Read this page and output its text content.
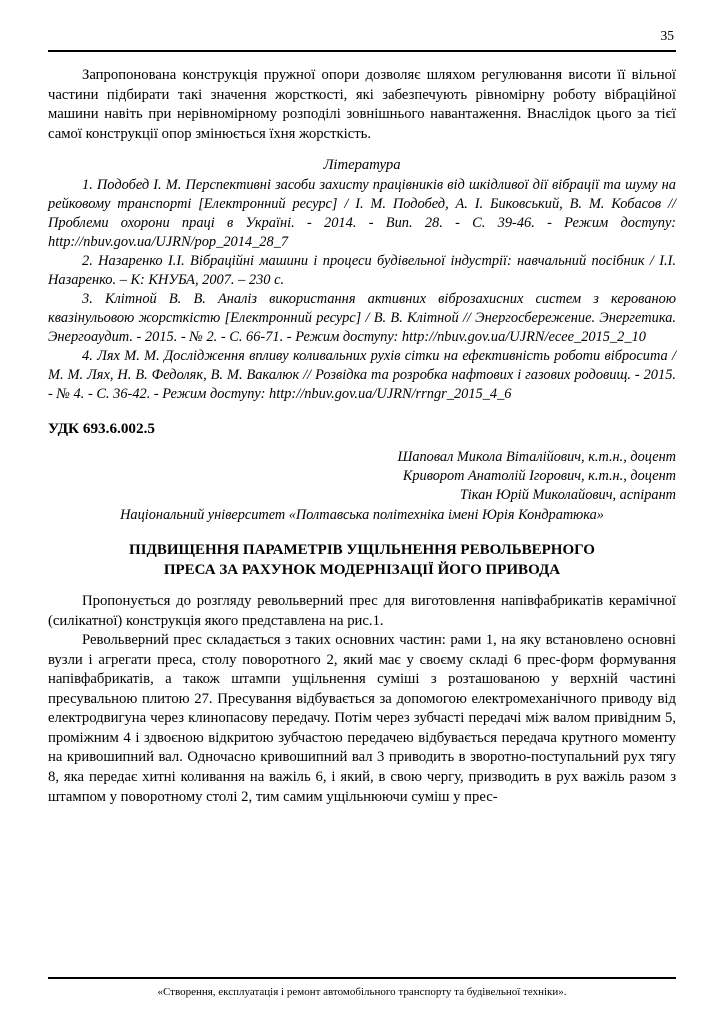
35

Запропонована конструкція пружної опори дозволяє шляхом регулювання висоти її вільної частини підбирати такі значення жорсткості, які забезпечують рівномірну роботу вібраційної машини навіть при нерівномірному розподілі зовнішнього навантаження. Внаслідок цього за тієї самої конструкції опор змінюється їхня жорсткість.

Література

1. Подобед І. М. Перспективні засоби захисту працівників від шкідливої дії вібрації та шуму на рейковому транспорті [Електронний ресурс] / І. М. Подобед, А. І. Биковський, В. М. Кобасов // Проблеми охорони праці в Україні. - 2014. - Вип. 28. - С. 39-46. - Режим доступу: http://nbuv.gov.ua/UJRN/pop_2014_28_7

2. Назаренко І.І. Вібраційні машини і процеси будівельної індустрії: навчальний посібник / І.І. Назаренко. – К: КНУБА, 2007. – 230 с.

3. Клітной В. В. Аналіз використання активних віброзахисних систем з керованою квазінульовою жорсткістю [Електронний ресурс] / В. В. Клітной // Энергосбережение. Энергетика. Энергоаудит. - 2015. - № 2. - С. 66-71. - Режим доступу: http://nbuv.gov.ua/UJRN/ecee_2015_2_10

4. Лях М. М. Дослідження впливу коливальних рухів сітки на ефективність роботи вібросита / М. М. Лях, Н. В. Федоляк, В. М. Вакалюк // Розвідка та розробка нафтових і газових родовищ. - 2015. - № 4. - С. 36-42. - Режим доступу: http://nbuv.gov.ua/UJRN/rrngr_2015_4_6

УДК 693.6.002.5

Шаповал Микола Віталійович, к.т.н., доцент

Криворот Анатолій Ігорович, к.т.н., доцент

Тікан Юрій Миколайович, аспірант

Національний університет «Полтавська політехніка імені Юрія Кондратюка»

ПІДВИЩЕННЯ ПАРАМЕТРІВ УЩІЛЬНЕННЯ РЕВОЛЬВЕРНОГО
ПРЕСА ЗА РАХУНОК МОДЕРНІЗАЦІЇ ЙОГО ПРИВОДА

Пропонується до розгляду револьверний прес для виготовлення напівфабрикатів керамічної (силікатної) конструкція якого представлена на рис.1.

Револьверний прес складається з таких основних частин: рами 1, на яку встановлено основні вузли і агрегати преса, столу поворотного 2, який має у своєму складі 6 прес-форм формування напівфабрикатів, а також штампи ущільнення суміші з розташованою у верхній частині пресувальною плитою 27. Пресування відбувається за допомогою електромеханічного приводу від електродвигуна через клинопасову передачу. Потім через зубчасті передачі між валом привідним 5, проміжним 4 і здвоєною відкритою зубчастою передачею відбувається передача крутного моменту на кривошипний вал. Одночасно кривошипний вал 3 приводить в зворотно-поступальний рух тягу 8, яка передає хитні коливання на важіль 6, і який, в свою чергу, призводить в рух важіль разом з штампом у поворотному столі 2, тим самим ущільнюючи суміш у прес-

«Створення, експлуатація і ремонт автомобільного транспорту та будівельної техніки».
